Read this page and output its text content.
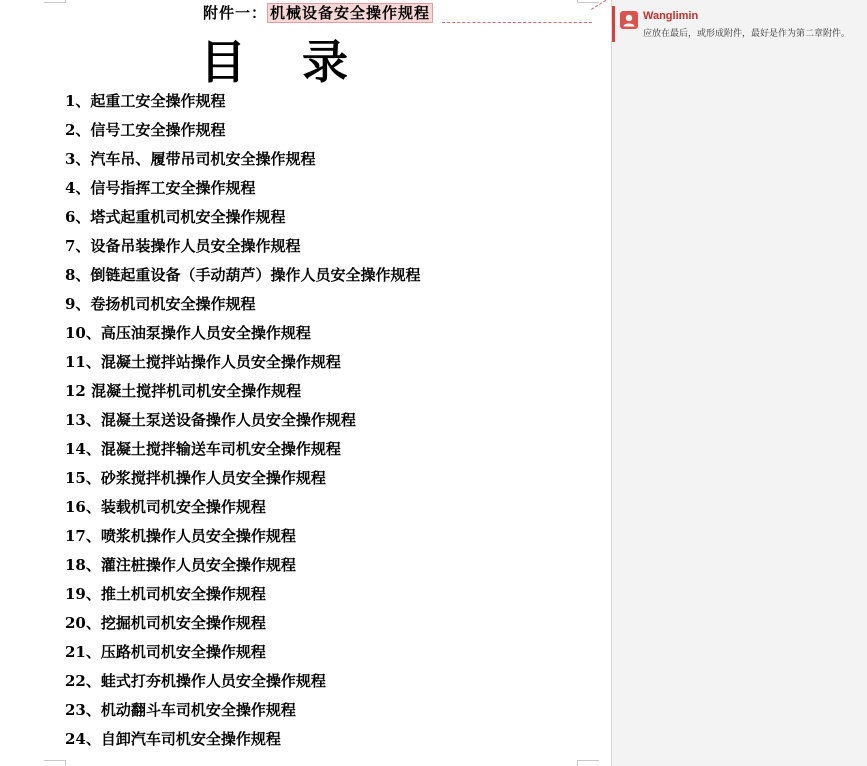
附件一： 机械设备安全操作规程
目录
1、起重工安全操作规程
2、信号工安全操作规程
3、汽车吊、履带吊司机安全操作规程
4、信号指挥工安全操作规程
6、塔式起重机司机安全操作规程
7、设备吊装操作人员安全操作规程
8、倒链起重设备（手动葫芦）操作人员安全操作规程
9、卷扬机司机安全操作规程
10、高压油泵操作人员安全操作规程
11、混凝土搅拌站操作人员安全操作规程
12 混凝土搅拌机司机安全操作规程
13、混凝土泵送设备操作人员安全操作规程
14、混凝土搅拌输送车司机安全操作规程
15、砂浆搅拌机操作人员安全操作规程
16、装载机司机安全操作规程
17、喷浆机操作人员安全操作规程
18、灌注桩操作人员安全操作规程
19、推土机司机安全操作规程
20、挖掘机司机安全操作规程
21、压路机司机安全操作规程
22、蛙式打夯机操作人员安全操作规程
23、机动翻斗车司机安全操作规程
24、自卸汽车司机安全操作规程
Wanglimin
应放在最后，或形成附件，最好是作为第二章附件。
